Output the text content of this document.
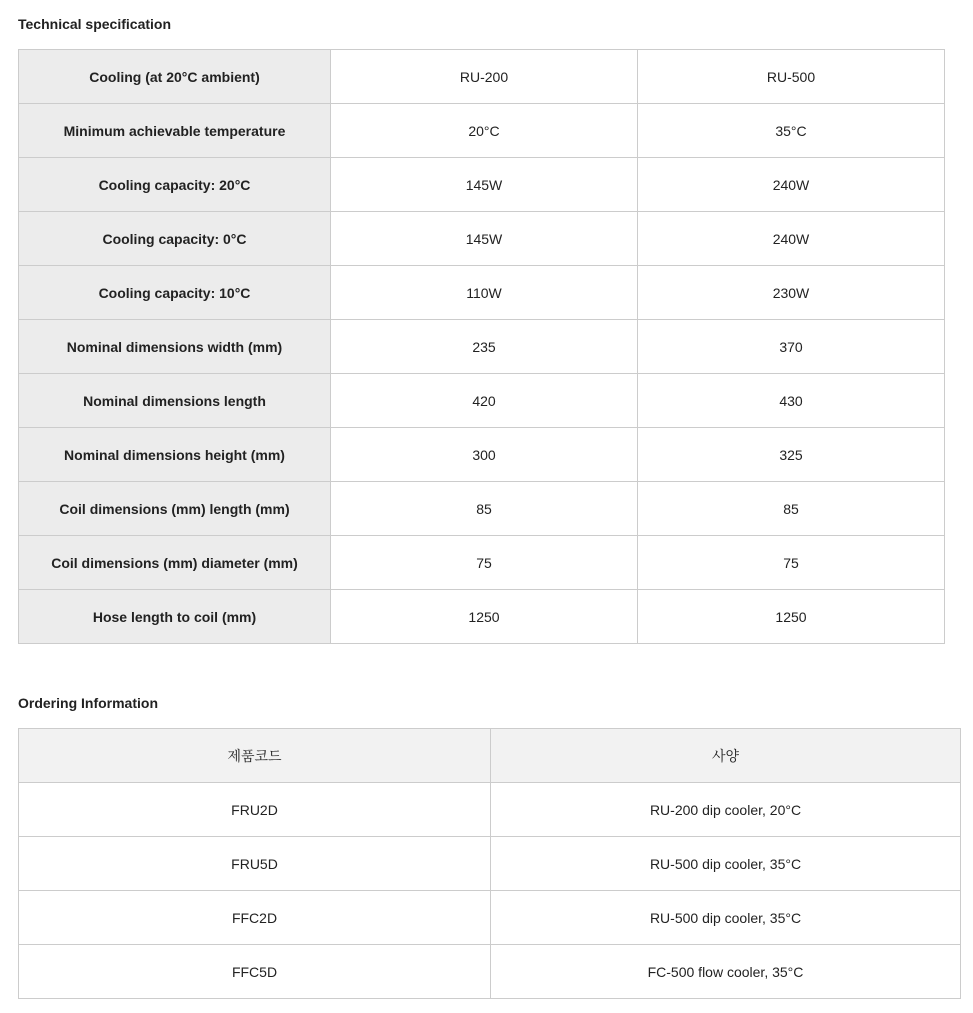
Technical specification
Cooling (at 20°C ambient)	RU-200	RU-500
Minimum achievable temperature	20°C	35°C
Cooling capacity: 20°C	145W	240W
Cooling capacity: 0°C	145W	240W
Cooling capacity: 10°C	110W	230W
Nominal dimensions width (mm)	235	370
Nominal dimensions length	420	430
Nominal dimensions height (mm)	300	325
Coil dimensions (mm) length (mm)	85	85
Coil dimensions (mm) diameter (mm)	75	75
Hose length to coil (mm)	1250	1250
Ordering Information
제품코드	사양
FRU2D	RU-200 dip cooler, 20°C
FRU5D	RU-500 dip cooler, 35°C
FFC2D	RU-500 dip cooler, 35°C
FFC5D	FC-500 flow cooler, 35°C
